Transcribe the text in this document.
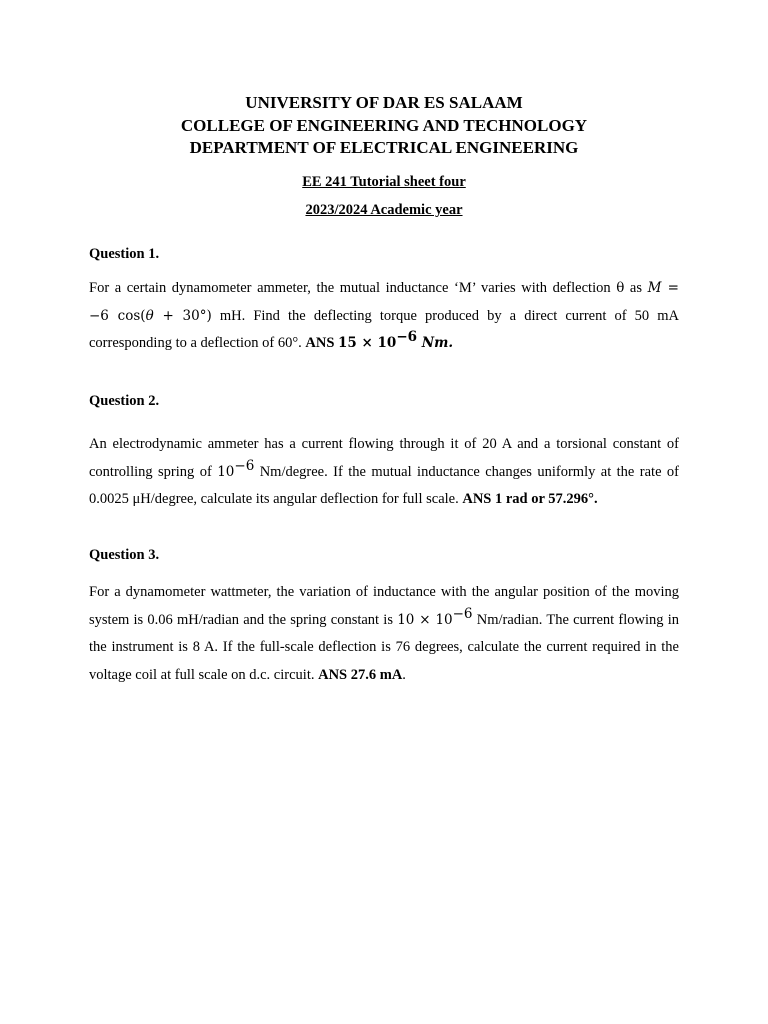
UNIVERSITY OF DAR ES SALAAM
COLLEGE OF ENGINEERING AND TECHNOLOGY
DEPARTMENT OF ELECTRICAL ENGINEERING
EE 241 Tutorial sheet four
2023/2024 Academic year
Question 1.
For a certain dynamometer ammeter, the mutual inductance ‘M’ varies with deflection θ as M =
−6 cos(θ + 30°) mH. Find the deflecting torque produced by a direct current of 50 mA
corresponding to a deflection of 60°. ANS $15 \times 10^{-6}$ Nm.
Question 2.
An electrodynamic ammeter has a current flowing through it of 20 A and a torsional constant of
controlling spring of $10^{-6}$ Nm/degree. If the mutual inductance changes uniformly at the rate of
0.0025 μH/degree, calculate its angular deflection for full scale. ANS 1 rad or 57.296°.
Question 3.
For a dynamometer wattmeter, the variation of inductance with the angular position of the moving
system is 0.06 mH/radian and the spring constant is $10 \times 10^{-6}$ Nm/radian. The current flowing in
the instrument is 8 A. If the full-scale deflection is 76 degrees, calculate the current required in the
voltage coil at full scale on d.c. circuit. ANS 27.6 mA.
